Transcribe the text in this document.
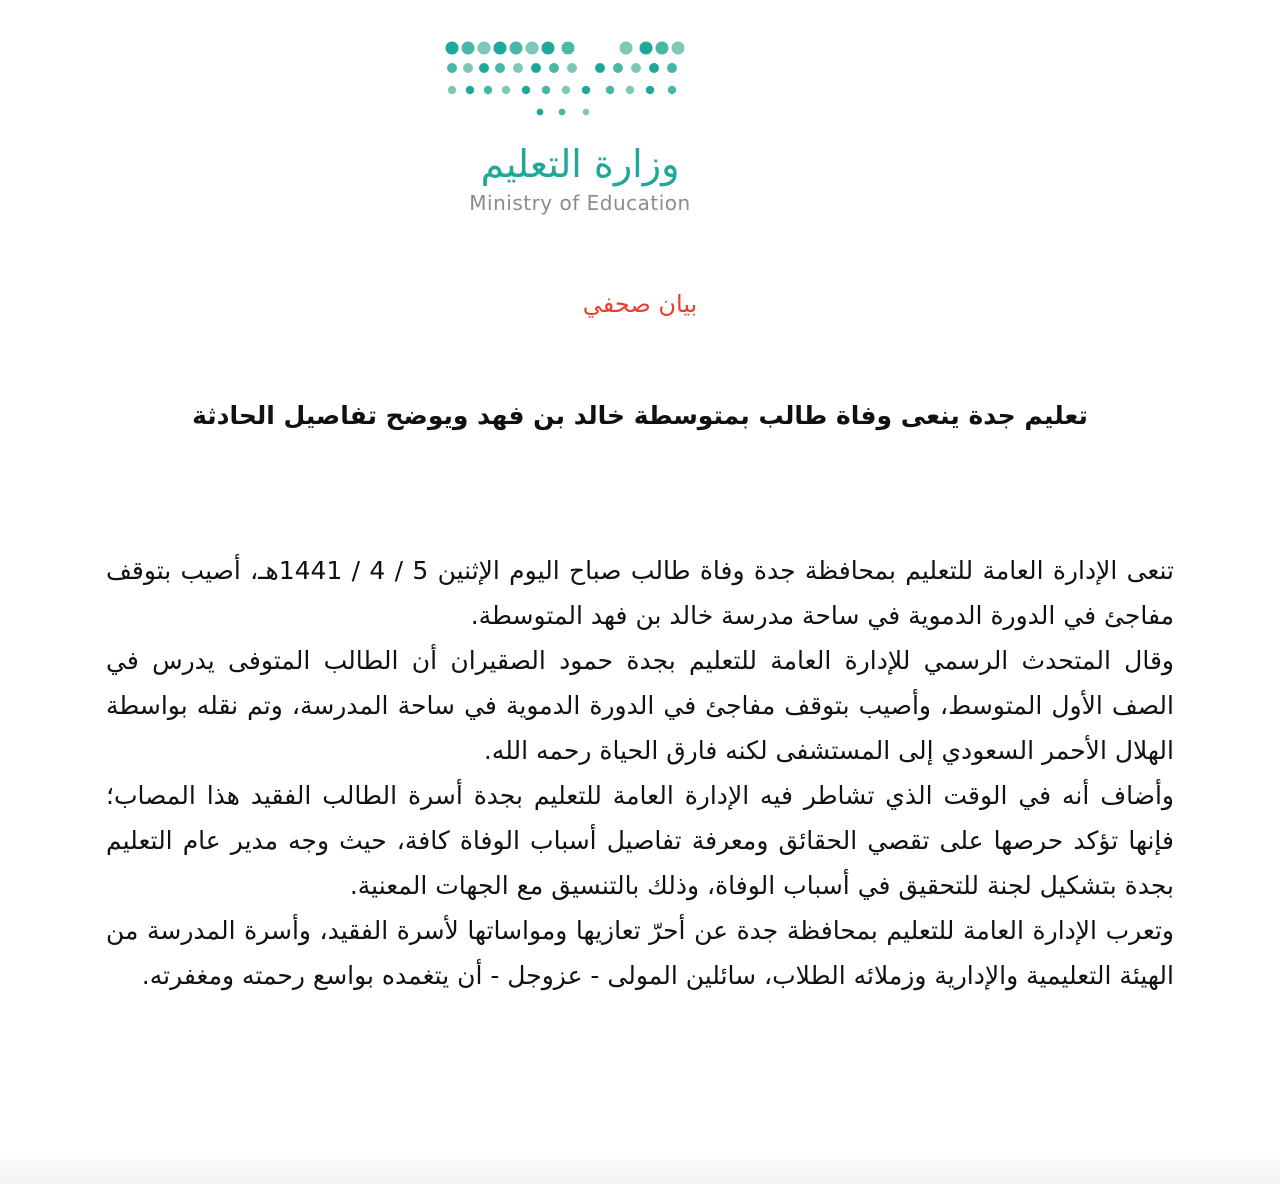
وزارة التعليم
Ministry of Education
بيان صحفي
تعليم جدة ينعى وفاة طالب بمتوسطة خالد بن فهد ويوضح تفاصيل الحادثة

تنعى الإدارة العامة للتعليم بمحافظة جدة وفاة طالب صباح اليوم الإثنين 5 / 4 / 1441هـ، أصيب بتوقف مفاجئ في الدورة الدموية في ساحة مدرسة خالد بن فهد المتوسطة.

وقال المتحدث الرسمي للإدارة العامة للتعليم بجدة حمود الصقيران أن الطالب المتوفى يدرس في الصف الأول المتوسط، وأصيب بتوقف مفاجئ في الدورة الدموية في ساحة المدرسة، وتم نقله بواسطة الهلال الأحمر السعودي إلى المستشفى لكنه فارق الحياة رحمه الله.

وأضاف أنه في الوقت الذي تشاطر فيه الإدارة العامة للتعليم بجدة أسرة الطالب الفقيد هذا المصاب؛ فإنها تؤكد حرصها على تقصي الحقائق ومعرفة تفاصيل أسباب الوفاة كافة، حيث وجه مدير عام التعليم بجدة بتشكيل لجنة للتحقيق في أسباب الوفاة، وذلك بالتنسيق مع الجهات المعنية.

وتعرب الإدارة العامة للتعليم بمحافظة جدة عن أحرّ تعازيها ومواساتها لأسرة الفقيد، وأسرة المدرسة من الهيئة التعليمية والإدارية وزملائه الطلاب، سائلين المولى - عزوجل - أن يتغمده بواسع رحمته ومغفرته.
